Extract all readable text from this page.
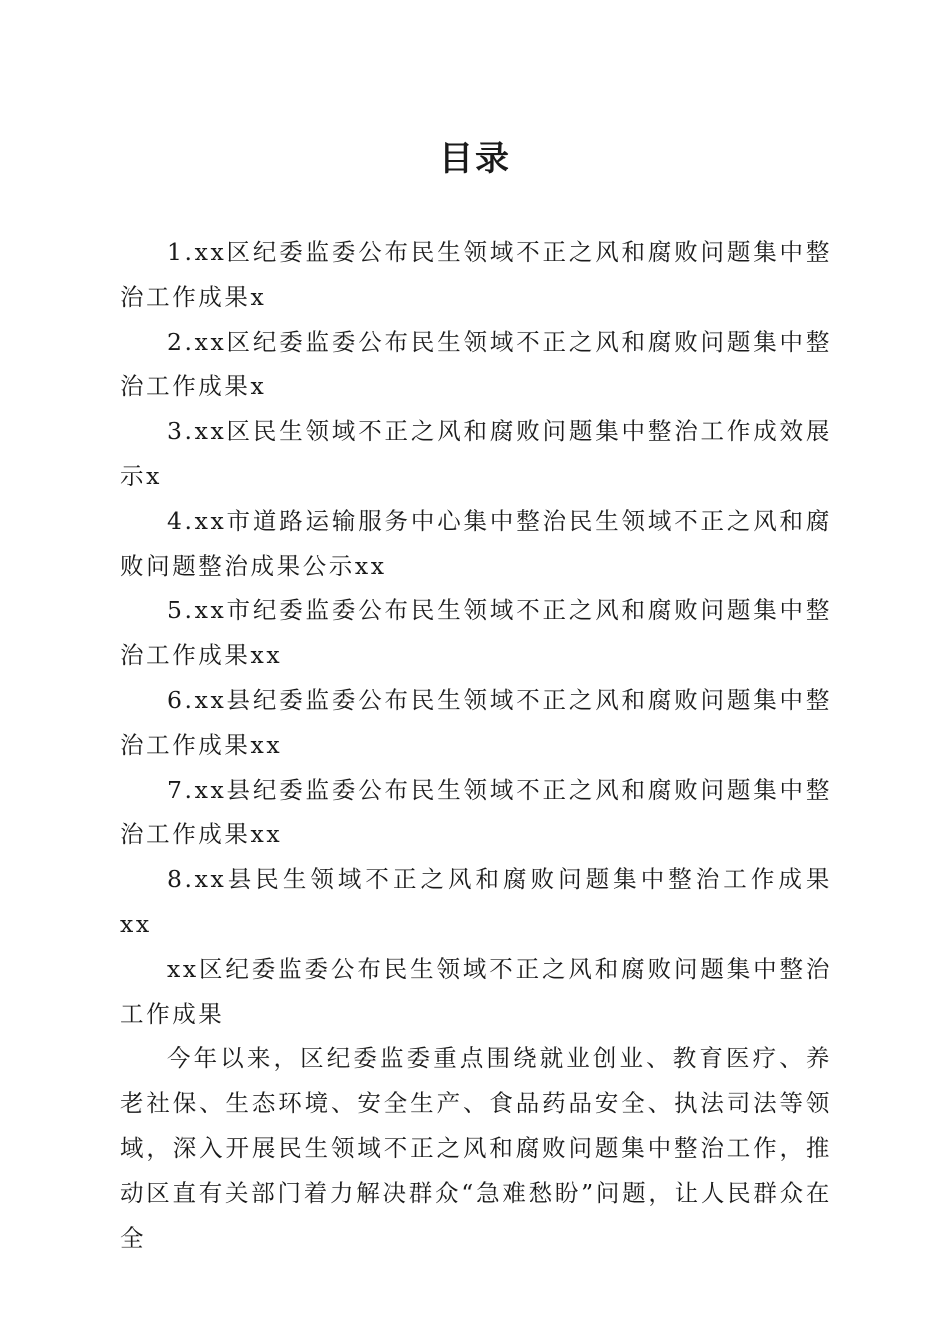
目录

1.xx区纪委监委公布民生领域不正之风和腐败问题集中整治工作成果x

2.xx区纪委监委公布民生领域不正之风和腐败问题集中整治工作成果x

3.xx区民生领域不正之风和腐败问题集中整治工作成效展示x

4.xx市道路运输服务中心集中整治民生领域不正之风和腐败问题整治成果公示xx

5.xx市纪委监委公布民生领域不正之风和腐败问题集中整治工作成果xx

6.xx县纪委监委公布民生领域不正之风和腐败问题集中整治工作成果xx

7.xx县纪委监委公布民生领域不正之风和腐败问题集中整治工作成果xx

8.xx县民生领域不正之风和腐败问题集中整治工作成果xx

xx区纪委监委公布民生领域不正之风和腐败问题集中整治工作成果

今年以来，区纪委监委重点围绕就业创业、教育医疗、养老社保、生态环境、安全生产、食品药品安全、执法司法等领域，深入开展民生领域不正之风和腐败问题集中整治工作，推动区直有关部门着力解决群众“急难愁盼”问题，让人民群众在全
